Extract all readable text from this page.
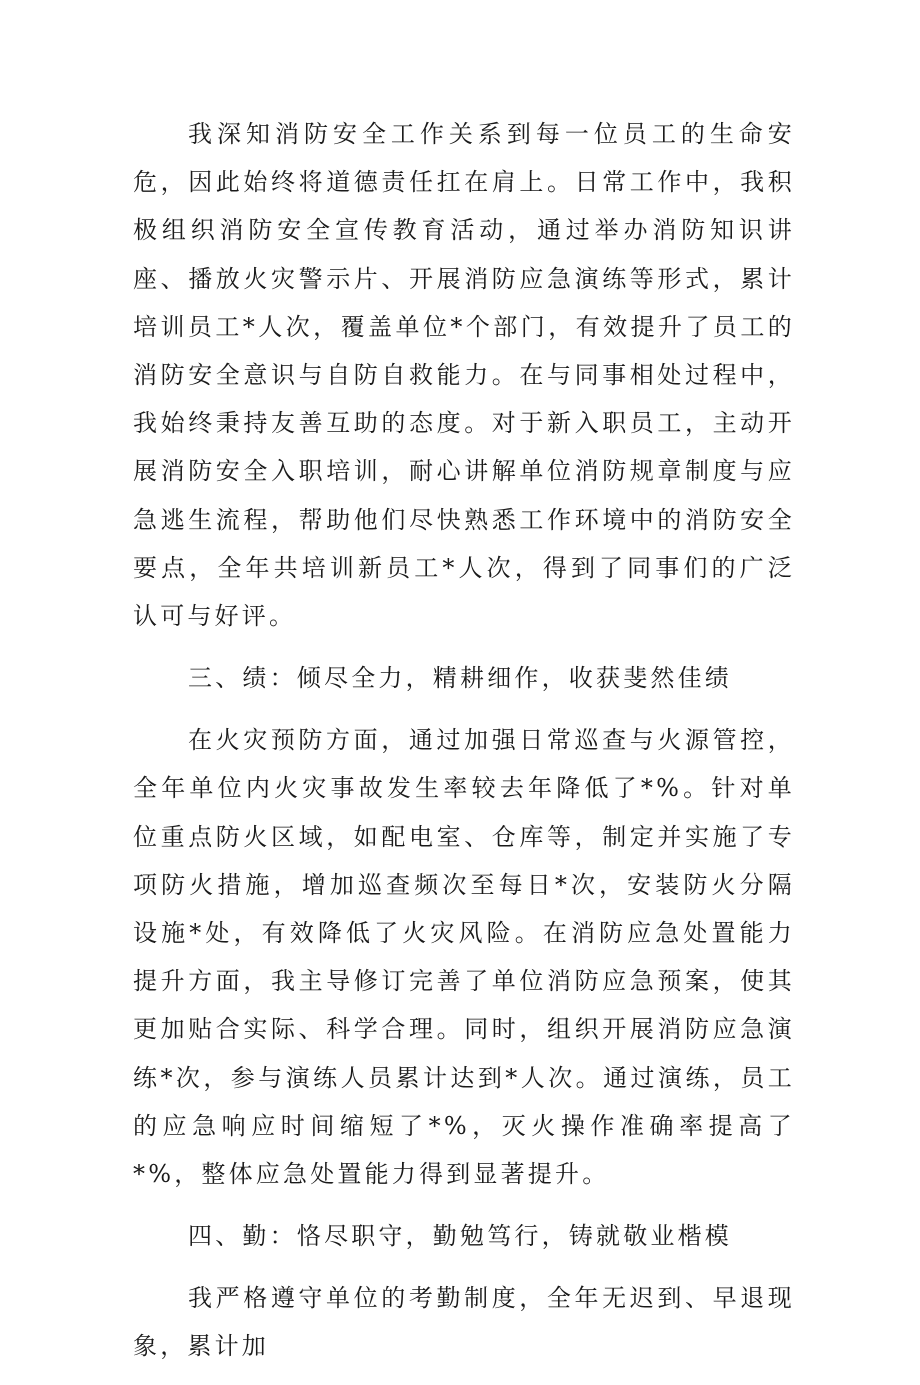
我深知消防安全工作关系到每一位员工的生命安危，因此始终将道德责任扛在肩上。日常工作中，我积极组织消防安全宣传教育活动，通过举办消防知识讲座、播放火灾警示片、开展消防应急演练等形式，累计培训员工*人次，覆盖单位*个部门，有效提升了员工的消防安全意识与自防自救能力。在与同事相处过程中，我始终秉持友善互助的态度。对于新入职员工，主动开展消防安全入职培训，耐心讲解单位消防规章制度与应急逃生流程，帮助他们尽快熟悉工作环境中的消防安全要点，全年共培训新员工*人次，得到了同事们的广泛认可与好评。

三、绩：倾尽全力，精耕细作，收获斐然佳绩

在火灾预防方面，通过加强日常巡查与火源管控，全年单位内火灾事故发生率较去年降低了*%。针对单位重点防火区域，如配电室、仓库等，制定并实施了专项防火措施，增加巡查频次至每日*次，安装防火分隔设施*处，有效降低了火灾风险。在消防应急处置能力提升方面，我主导修订完善了单位消防应急预案，使其更加贴合实际、科学合理。同时，组织开展消防应急演练*次，参与演练人员累计达到*人次。通过演练，员工的应急响应时间缩短了*%，灭火操作准确率提高了*%，整体应急处置能力得到显著提升。

四、勤：恪尽职守，勤勉笃行，铸就敬业楷模

我严格遵守单位的考勤制度，全年无迟到、早退现象，累计加
